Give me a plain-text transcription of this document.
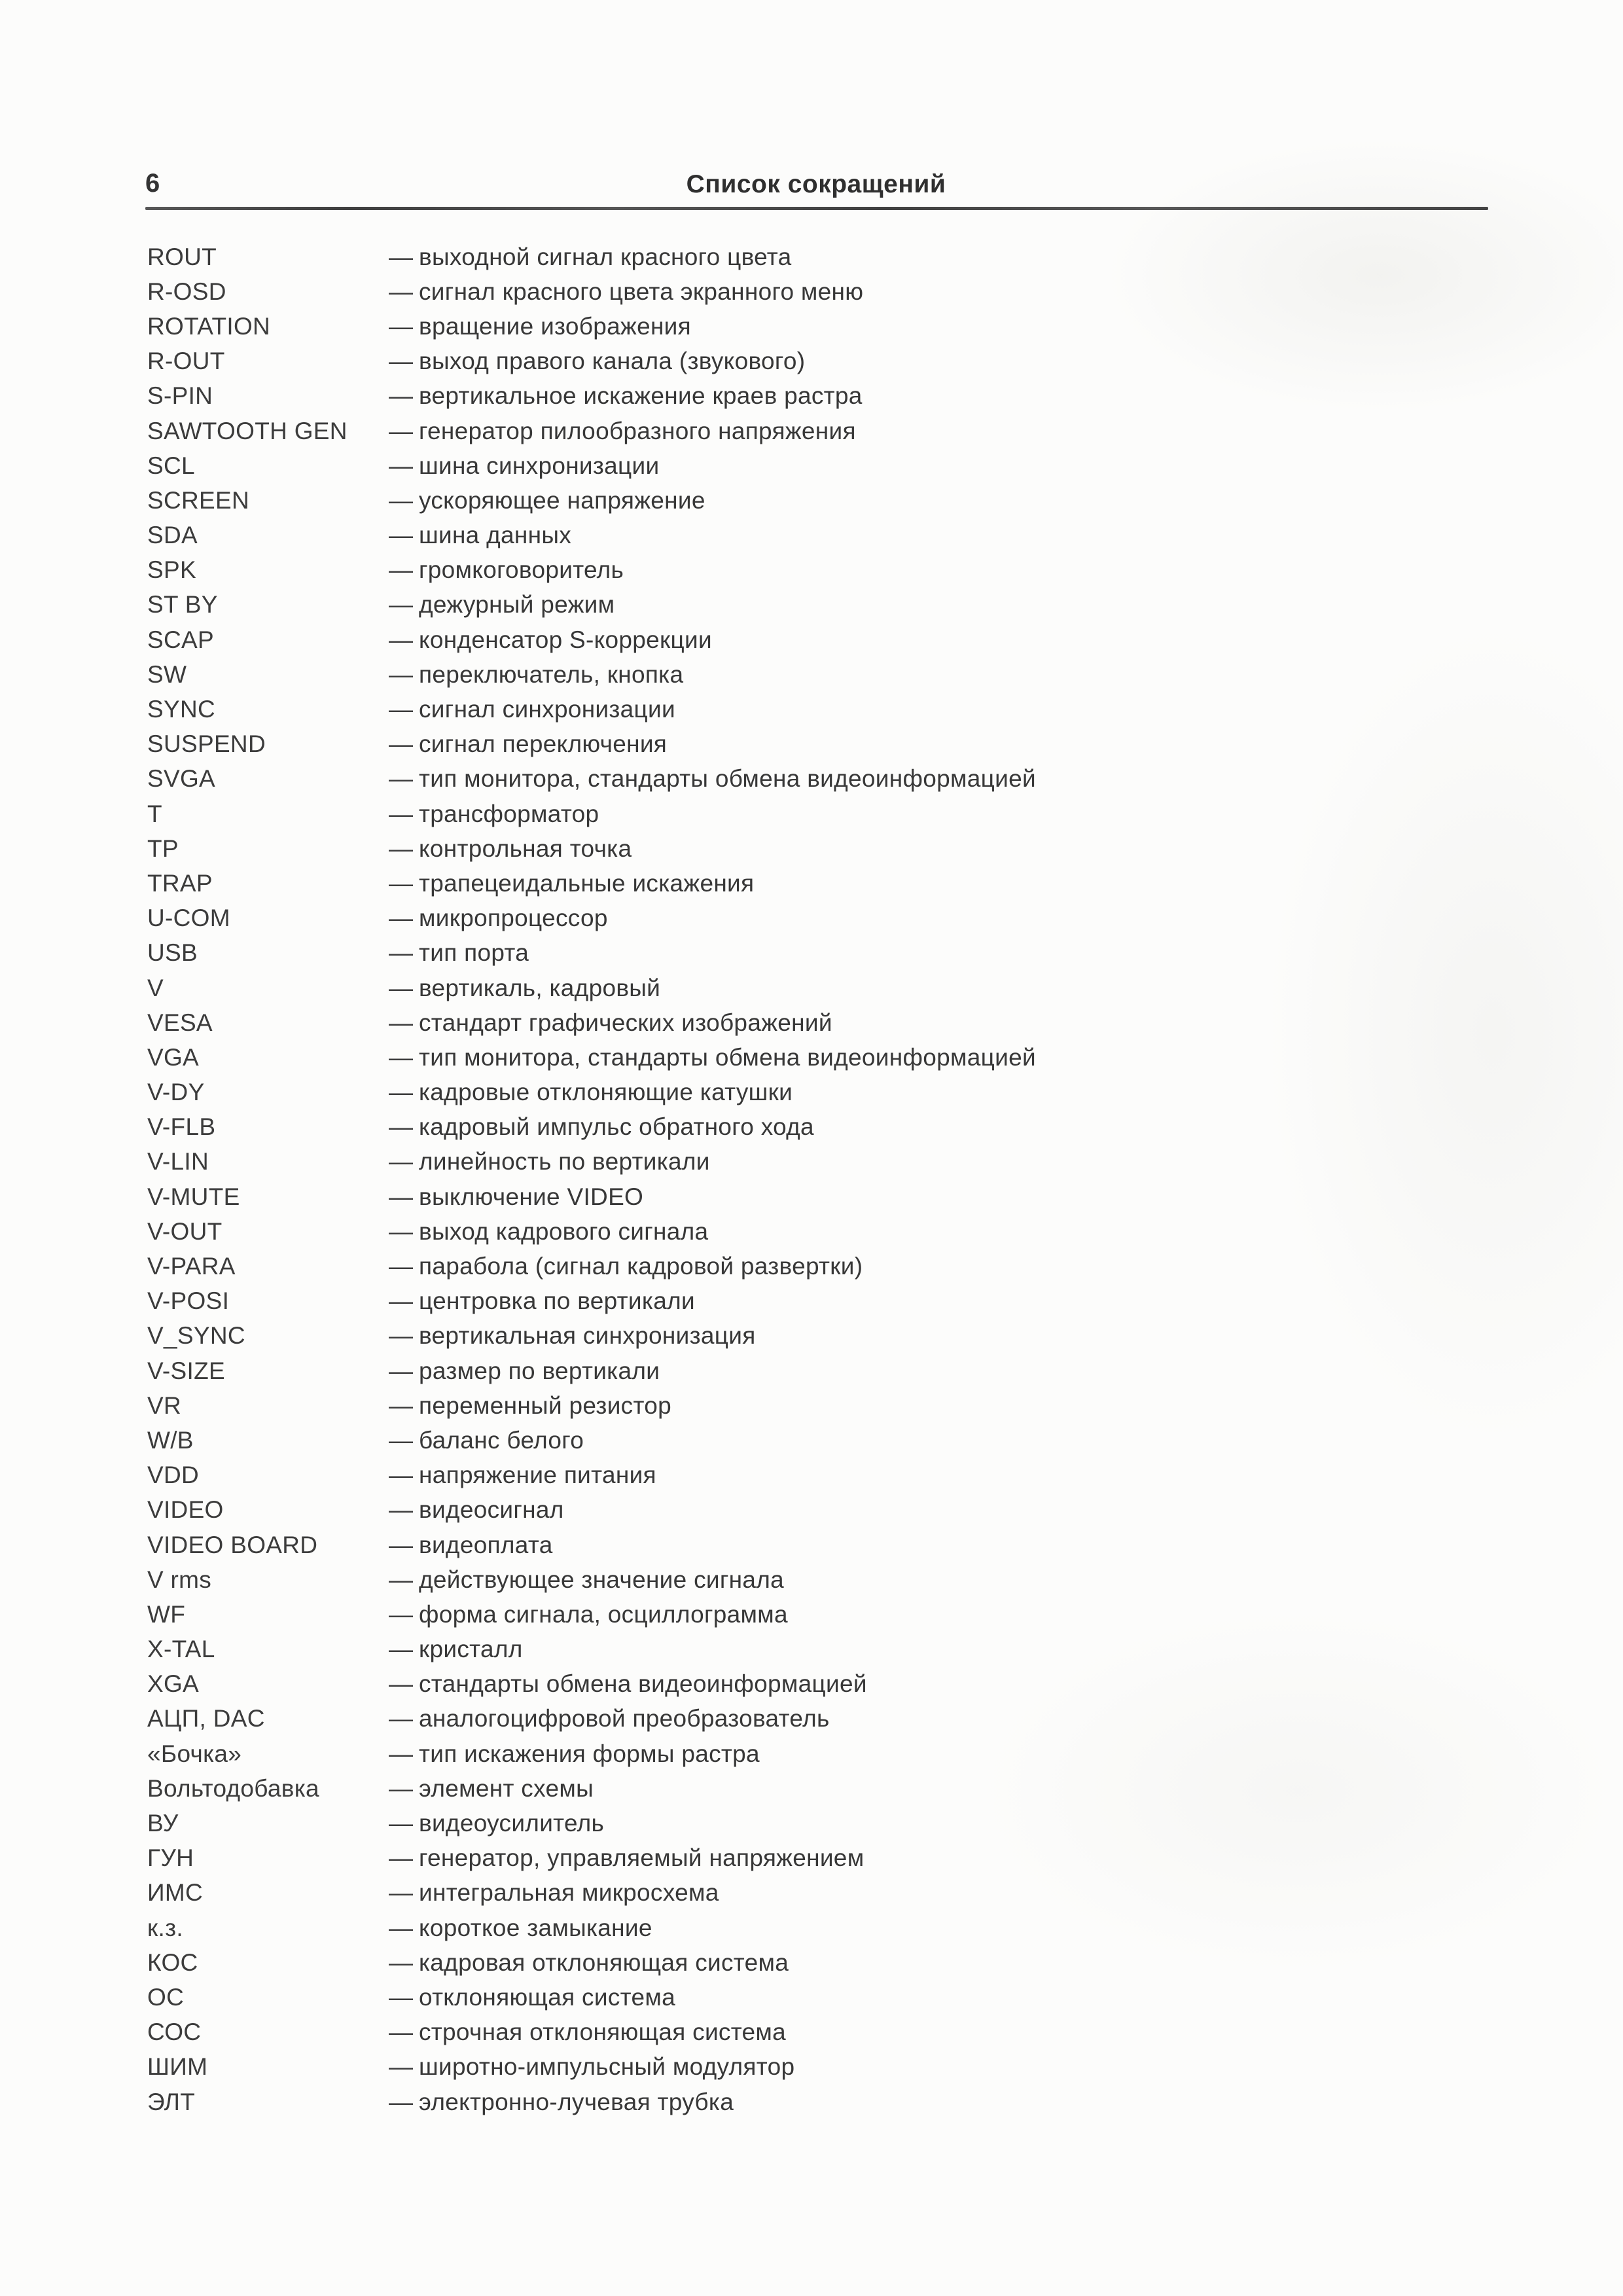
6	Список сокращений
ROUT	— выходной сигнал красного цвета
R-OSD	— сигнал красного цвета экранного меню
ROTATION	— вращение изображения
R-OUT	— выход правого канала (звукового)
S-PIN	— вертикальное искажение краев растра
SAWTOOTH GEN	— генератор пилообразного напряжения
SCL	— шина синхронизации
SCREEN	— ускоряющее напряжение
SDA	— шина данных
SPK	— громкоговоритель
ST BY	— дежурный режим
SCAP	— конденсатор S-коррекции
SW	— переключатель, кнопка
SYNC	— сигнал синхронизации
SUSPEND	— сигнал переключения
SVGA	— тип монитора, стандарты обмена видеоинформацией
T	— трансформатор
TP	— контрольная точка
TRAP	— трапецеидальные искажения
U-COM	— микропроцессор
USB	— тип порта
V	— вертикаль, кадровый
VESA	— стандарт графических изображений
VGA	— тип монитора, стандарты обмена видеоинформацией
V-DY	— кадровые отклоняющие катушки
V-FLB	— кадровый импульс обратного хода
V-LIN	— линейность по вертикали
V-MUTE	— выключение VIDEO
V-OUT	— выход кадрового сигнала
V-PARA	— парабола (сигнал кадровой развертки)
V-POSI	— центровка по вертикали
V_SYNC	— вертикальная синхронизация
V-SIZE	— размер по вертикали
VR	— переменный резистор
W/B	— баланс белого
VDD	— напряжение питания
VIDEO	— видеосигнал
VIDEO BOARD	— видеоплата
V rms	— действующее значение сигнала
WF	— форма сигнала, осциллограмма
X-TAL	— кристалл
XGA	— стандарты обмена видеоинформацией
АЦП, DAC	— аналогоцифровой преобразователь
«Бочка»	— тип искажения формы растра
Вольтодобавка	— элемент схемы
ВУ	— видеоусилитель
ГУН	— генератор, управляемый напряжением
ИМС	— интегральная микросхема
к.з.	— короткое замыкание
КОС	— кадровая отклоняющая система
ОС	— отклоняющая система
СОС	— строчная отклоняющая система
ШИМ	— широтно-импульсный модулятор
ЭЛТ	— электронно-лучевая трубка
